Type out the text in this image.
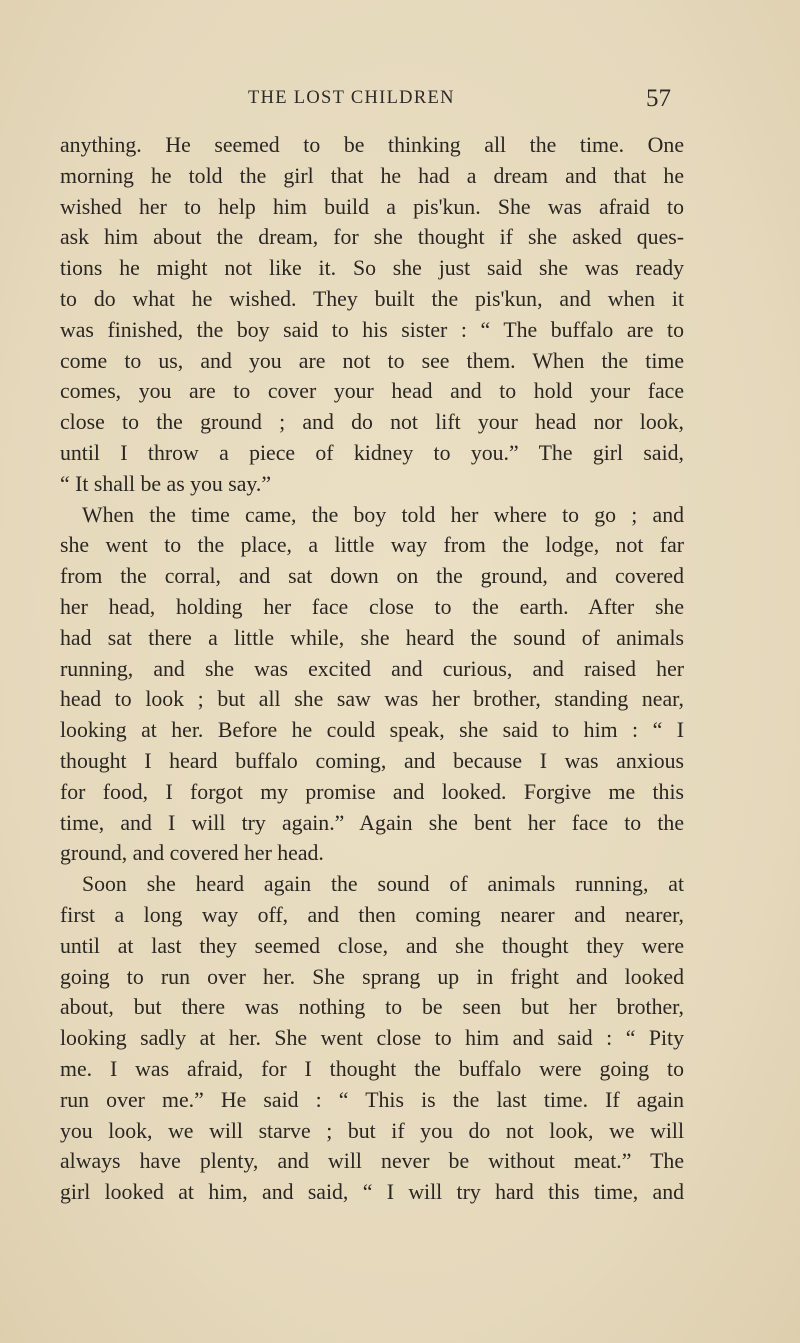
THE LOST CHILDREN	57
anything. He seemed to be thinking all the time. One
morning he told the girl that he had a dream and that he
wished her to help him build a pis'kun. She was afraid to
ask him about the dream, for she thought if she asked ques-
tions he might not like it. So she just said she was ready
to do what he wished. They built the pis'kun, and when it
was finished, the boy said to his sister : “ The buffalo are to
come to us, and you are not to see them. When the time
comes, you are to cover your head and to hold your face
close to the ground ; and do not lift your head nor look,
until I throw a piece of kidney to you.” The girl said,
“ It shall be as you say.”
When the time came, the boy told her where to go ; and
she went to the place, a little way from the lodge, not far
from the corral, and sat down on the ground, and covered
her head, holding her face close to the earth. After she
had sat there a little while, she heard the sound of animals
running, and she was excited and curious, and raised her
head to look ; but all she saw was her brother, standing near,
looking at her. Before he could speak, she said to him : “ I
thought I heard buffalo coming, and because I was anxious
for food, I forgot my promise and looked. Forgive me this
time, and I will try again.” Again she bent her face to the
ground, and covered her head.
Soon she heard again the sound of animals running, at
first a long way off, and then coming nearer and nearer,
until at last they seemed close, and she thought they were
going to run over her. She sprang up in fright and looked
about, but there was nothing to be seen but her brother,
looking sadly at her. She went close to him and said : “ Pity
me. I was afraid, for I thought the buffalo were going to
run over me.” He said : “ This is the last time. If again
you look, we will starve ; but if you do not look, we will
always have plenty, and will never be without meat.” The
girl looked at him, and said, “ I will try hard this time, and
